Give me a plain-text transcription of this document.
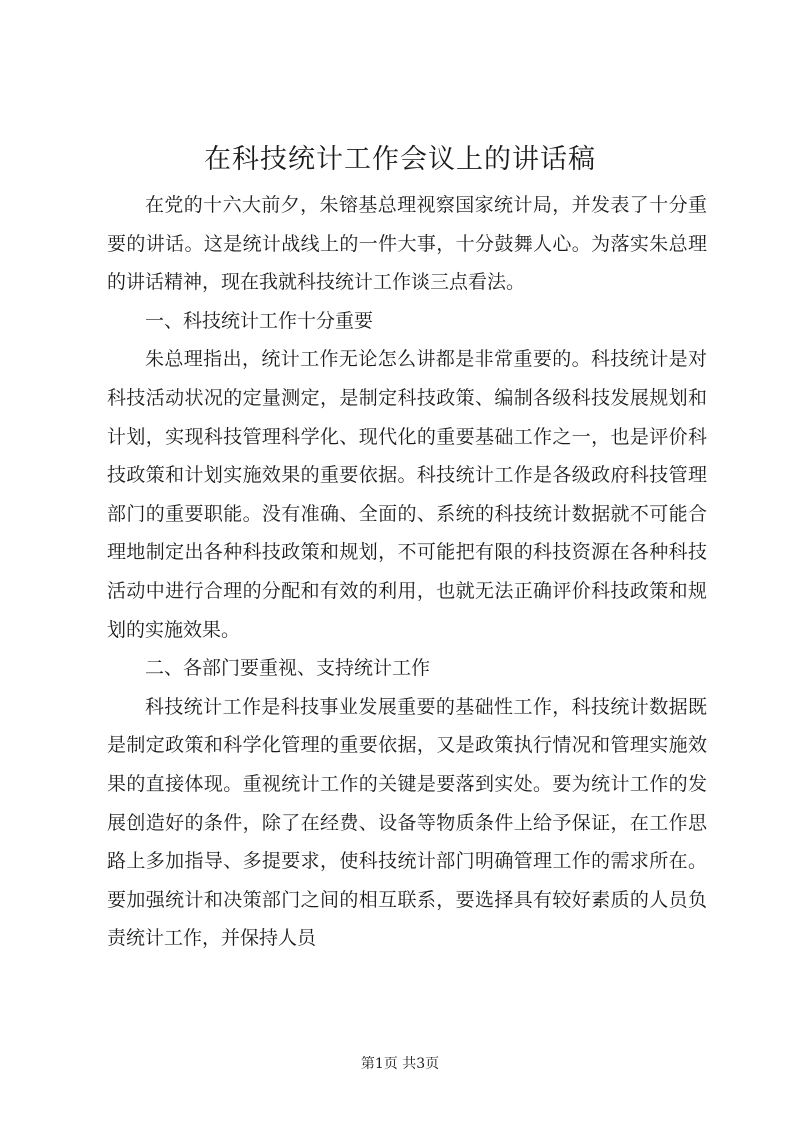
在科技统计工作会议上的讲话稿

在党的十六大前夕，朱镕基总理视察国家统计局，并发表了十分重要的讲话。这是统计战线上的一件大事，十分鼓舞人心。为落实朱总理的讲话精神，现在我就科技统计工作谈三点看法。

一、科技统计工作十分重要

朱总理指出，统计工作无论怎么讲都是非常重要的。科技统计是对科技活动状况的定量测定，是制定科技政策、编制各级科技发展规划和计划，实现科技管理科学化、现代化的重要基础工作之一，也是评价科技政策和计划实施效果的重要依据。科技统计工作是各级政府科技管理部门的重要职能。没有准确、全面的、系统的科技统计数据就不可能合理地制定出各种科技政策和规划，不可能把有限的科技资源在各种科技活动中进行合理的分配和有效的利用，也就无法正确评价科技政策和规划的实施效果。

二、各部门要重视、支持统计工作

科技统计工作是科技事业发展重要的基础性工作，科技统计数据既是制定政策和科学化管理的重要依据，又是政策执行情况和管理实施效果的直接体现。重视统计工作的关键是要落到实处。要为统计工作的发展创造好的条件，除了在经费、设备等物质条件上给予保证，在工作思路上多加指导、多提要求，使科技统计部门明确管理工作的需求所在。要加强统计和决策部门之间的相互联系，要选择具有较好素质的人员负责统计工作，并保持人员

第1页 共3页
